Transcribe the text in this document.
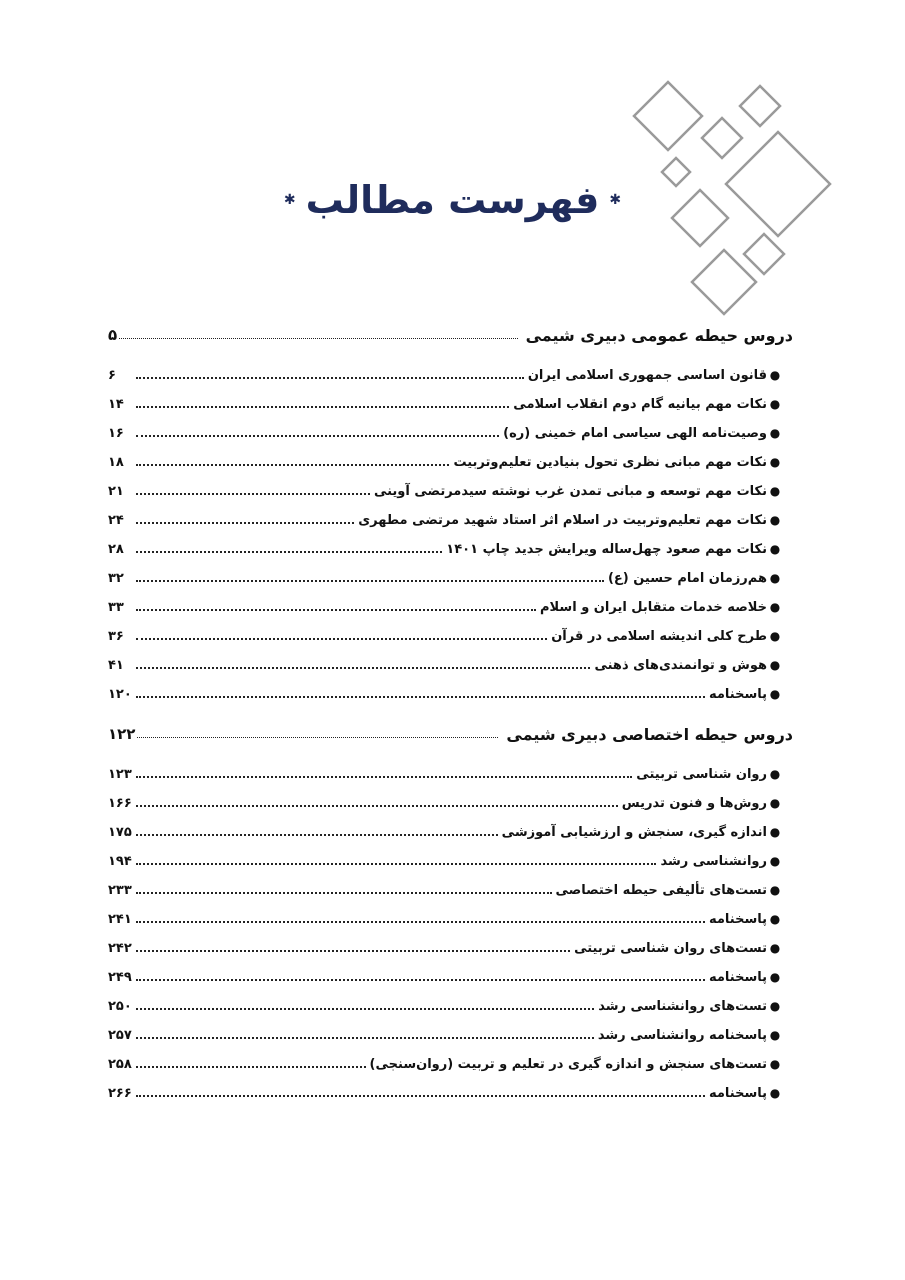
✱ فهرست مطالب ✱
دروس حیطه عمومی دبیری شیمی
۵
●
قانون اساسی جمهوری اسلامی ایران
۶
●
نکات مهم بیانیه گام دوم انقلاب اسلامی
۱۴
●
وصیت‌نامه الهی سیاسی امام خمینی (ره)
۱۶
●
نکات مهم مبانی نظری تحول بنیادین تعلیم‌وتربیت
۱۸
●
نکات مهم توسعه و مبانی تمدن غرب نوشته سیدمرتضی آوینی
۲۱
●
نکات مهم تعلیم‌وتربیت در اسلام اثر استاد شهید مرتضی مطهری
۲۴
●
نکات مهم صعود چهل‌ساله ویرایش جدید چاپ ۱۴۰۱
۲۸
●
هم‌رزمان امام حسین (ع)
۳۲
●
خلاصه خدمات متقابل ایران و اسلام
۳۳
●
طرح کلی اندیشه اسلامی در قرآن
۳۶
●
هوش و توانمندی‌های ذهنی
۴۱
●
پاسخنامه
۱۲۰
دروس حیطه اختصاصی دبیری شیمی
۱۲۲
●
روان شناسی تربیتی
۱۲۳
●
روش‌ها و فنون تدریس
۱۶۶
●
اندازه گیری، سنجش و ارزشیابی آموزشی
۱۷۵
●
روانشناسی رشد
۱۹۴
●
تست‌های تألیفی حیطه اختصاصی
۲۳۳
●
پاسخنامه
۲۴۱
●
تست‌های روان شناسی تربیتی
۲۴۲
●
پاسخنامه
۲۴۹
●
تست‌های روانشناسی رشد
۲۵۰
●
پاسخنامه روانشناسی رشد
۲۵۷
●
تست‌های سنجش و اندازه گیری در تعلیم و تربیت (روان‌سنجی)
۲۵۸
●
پاسخنامه
۲۶۶
